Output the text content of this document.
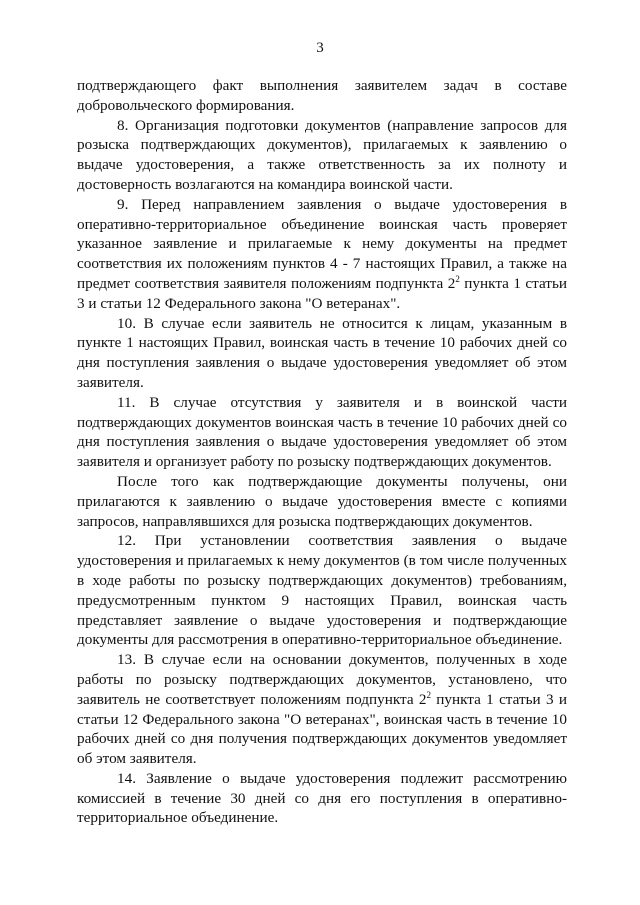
3

подтверждающего факт выполнения заявителем задач в составе добровольческого формирования.

8. Организация подготовки документов (направление запросов для розыска подтверждающих документов), прилагаемых к заявлению о выдаче удостоверения, а также ответственность за их полноту и достоверность возлагаются на командира воинской части.

9. Перед направлением заявления о выдаче удостоверения в оперативно-территориальное объединение воинская часть проверяет указанное заявление и прилагаемые к нему документы на предмет соответствия их положениям пунктов 4 - 7 настоящих Правил, а также на предмет соответствия заявителя положениям подпункта $2^2$ пункта 1 статьи 3 и статьи 12 Федерального закона "О ветеранах".

10. В случае если заявитель не относится к лицам, указанным в пункте 1 настоящих Правил, воинская часть в течение 10 рабочих дней со дня поступления заявления о выдаче удостоверения уведомляет об этом заявителя.

11. В случае отсутствия у заявителя и в воинской части подтверждающих документов воинская часть в течение 10 рабочих дней со дня поступления заявления о выдаче удостоверения уведомляет об этом заявителя и организует работу по розыску подтверждающих документов.

После того как подтверждающие документы получены, они прилагаются к заявлению о выдаче удостоверения вместе с копиями запросов, направлявшихся для розыска подтверждающих документов.

12. При установлении соответствия заявления о выдаче удостоверения и прилагаемых к нему документов (в том числе полученных в ходе работы по розыску подтверждающих документов) требованиям, предусмотренным пунктом 9 настоящих Правил, воинская часть представляет заявление о выдаче удостоверения и подтверждающие документы для рассмотрения в оперативно-территориальное объединение.

13. В случае если на основании документов, полученных в ходе работы по розыску подтверждающих документов, установлено, что заявитель не соответствует положениям подпункта $2^2$ пункта 1 статьи 3 и статьи 12 Федерального закона "О ветеранах", воинская часть в течение 10 рабочих дней со дня получения подтверждающих документов уведомляет об этом заявителя.

14. Заявление о выдаче удостоверения подлежит рассмотрению комиссией в течение 30 дней со дня его поступления в оперативно-территориальное объединение.
